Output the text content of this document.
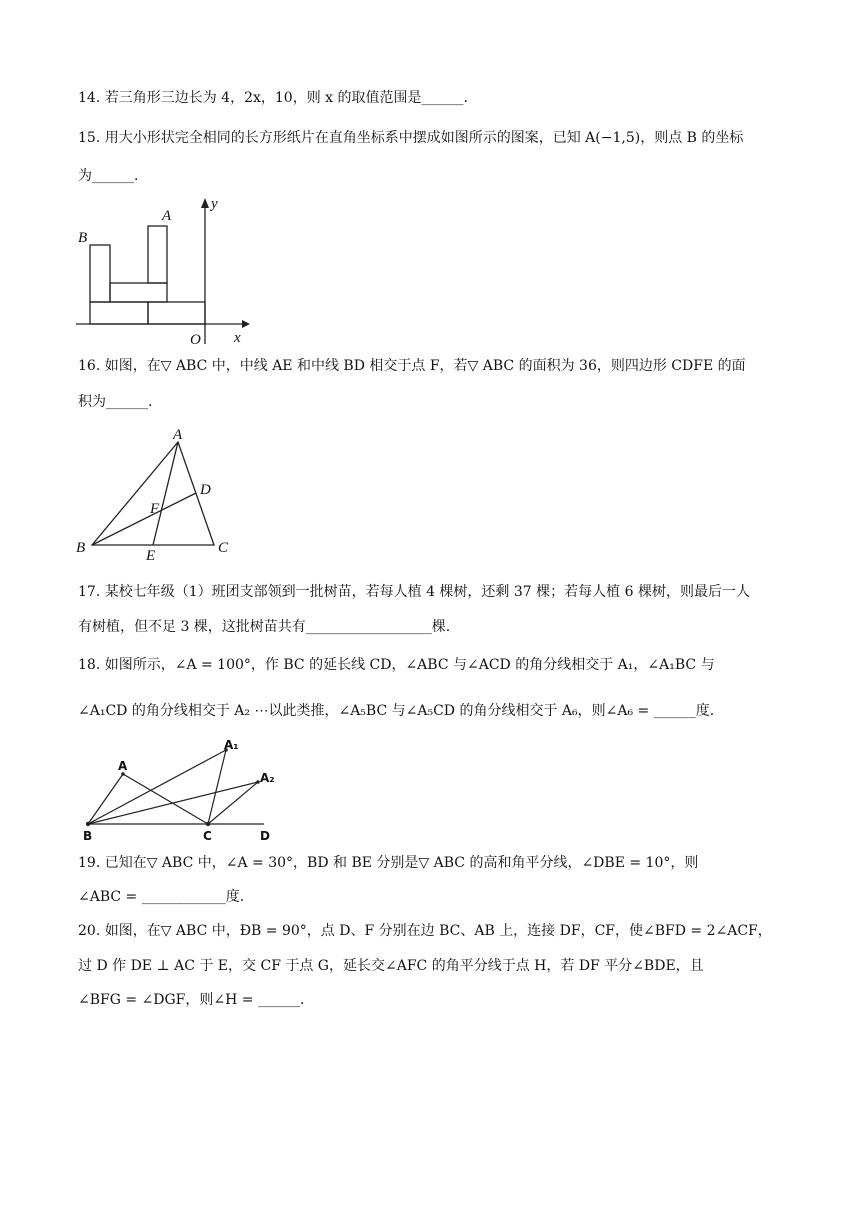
14. 若三角形三边长为 4，2x，10，则 x 的取值范围是______.
15. 用大小形状完全相同的长方形纸片在直角坐标系中摆成如图所示的图案，已知 A(−1,5)，则点 B 的坐标
为______.
A
B
y
x
O
16. 如图，在▽ ABC 中，中线 AE 和中线 BD 相交于点 F，若▽ ABC 的面积为 36，则四边形 CDFE 的面
积为______.
A
B	C
D
E
F
17. 某校七年级（1）班团支部领到一批树苗，若每人植 4 棵树，还剩 37 棵；若每人植 6 棵树，则最后一人
有树植，但不足 3 棵，这批树苗共有__________________棵.
18. 如图所示，∠A = 100°，作 BC 的延长线 CD，∠ABC 与∠ACD 的角分线相交于 A₁，∠A₁BC 与
∠A₁CD 的角分线相交于 A₂ ⋯以此类推，∠A₅BC 与∠A₅CD 的角分线相交于 A₆，则∠A₆ = ______度.
A
A₁
A₂
B	C	D
19. 已知在▽ ABC 中，∠A = 30°，BD 和 BE 分别是▽ ABC 的高和角平分线，∠DBE = 10°，则
∠ABC = ____________度.
20. 如图，在▽ ABC 中，ÐB = 90°，点 D、F 分别在边 BC、AB 上，连接 DF，CF，使∠BFD = 2∠ACF，
过 D 作 DE ⊥ AC 于 E，交 CF 于点 G，延长交∠AFC 的角平分线于点 H，若 DF 平分∠BDE，且
∠BFG = ∠DGF，则∠H = ______.
